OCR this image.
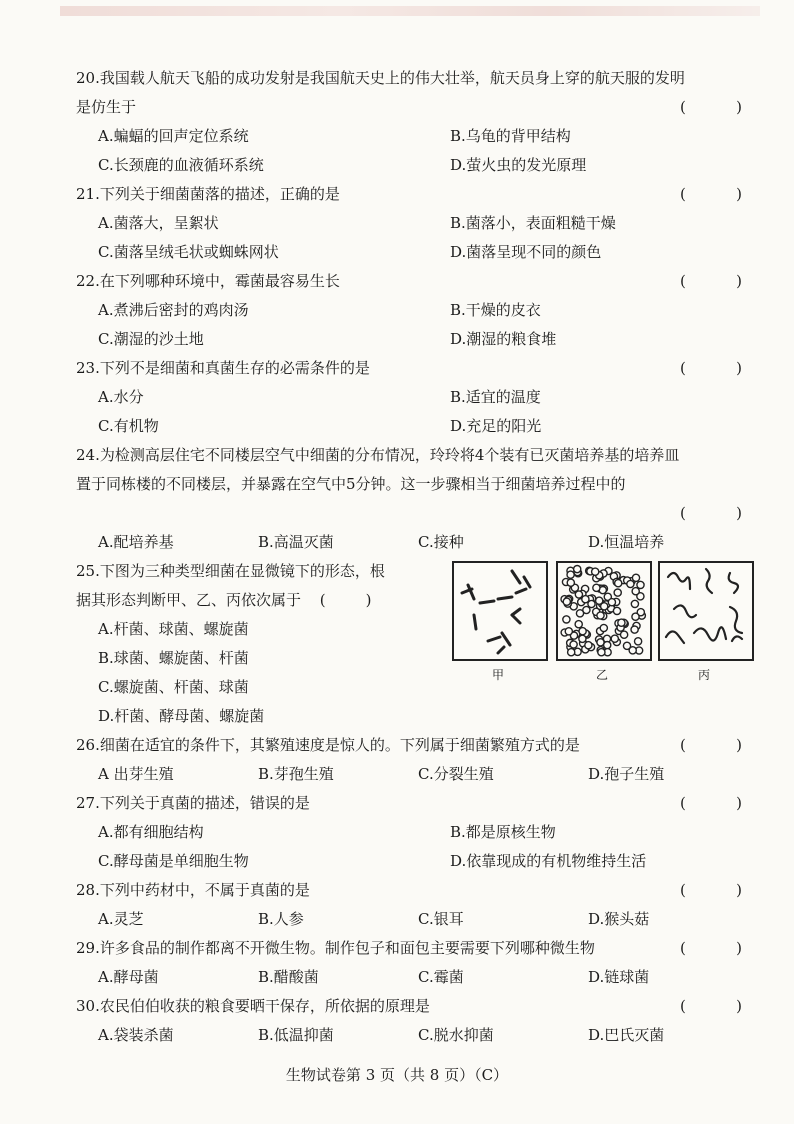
20.我国载人航天飞船的成功发射是我国航天史上的伟大壮举，航天员身上穿的航天服的发明
是仿生于	(	)
A.蝙蝠的回声定位系统	B.乌龟的背甲结构
C.长颈鹿的血液循环系统	D.萤火虫的发光原理
21.下列关于细菌菌落的描述，正确的是	(	)
A.菌落大，呈絮状	B.菌落小，表面粗糙干燥
C.菌落呈绒毛状或蜘蛛网状	D.菌落呈现不同的颜色
22.在下列哪种环境中，霉菌最容易生长	(	)
A.煮沸后密封的鸡肉汤	B.干燥的皮衣
C.潮湿的沙土地	D.潮湿的粮食堆
23.下列不是细菌和真菌生存的必需条件的是	(	)
A.水分	B.适宜的温度
C.有机物	D.充足的阳光
24.为检测高层住宅不同楼层空气中细菌的分布情况，玲玲将4个装有已灭菌培养基的培养皿
置于同栋楼的不同楼层，并暴露在空气中5分钟。这一步骤相当于细菌培养过程中的
(	)
A.配培养基	B.高温灭菌	C.接种	D.恒温培养
25.下图为三种类型细菌在显微镜下的形态，根
据其形态判断甲、乙、丙依次属于 (	)
A.杆菌、球菌、螺旋菌
B.球菌、螺旋菌、杆菌
C.螺旋菌、杆菌、球菌
D.杆菌、酵母菌、螺旋菌
甲	乙	丙
26.细菌在适宜的条件下，其繁殖速度是惊人的。下列属于细菌繁殖方式的是	(	)
A 出芽生殖	B.芽孢生殖	C.分裂生殖	D.孢子生殖
27.下列关于真菌的描述，错误的是	(	)
A.都有细胞结构	B.都是原核生物
C.酵母菌是单细胞生物	D.依靠现成的有机物维持生活
28.下列中药材中，不属于真菌的是	(	)
A.灵芝	B.人参	C.银耳	D.猴头菇
29.许多食品的制作都离不开微生物。制作包子和面包主要需要下列哪种微生物	(	)
A.酵母菌	B.醋酸菌	C.霉菌	D.链球菌
30.农民伯伯收获的粮食要晒干保存，所依据的原理是	(	)
A.袋装杀菌	B.低温抑菌	C.脱水抑菌	D.巴氏灭菌
生物试卷第 3 页（共 8 页）（C）
